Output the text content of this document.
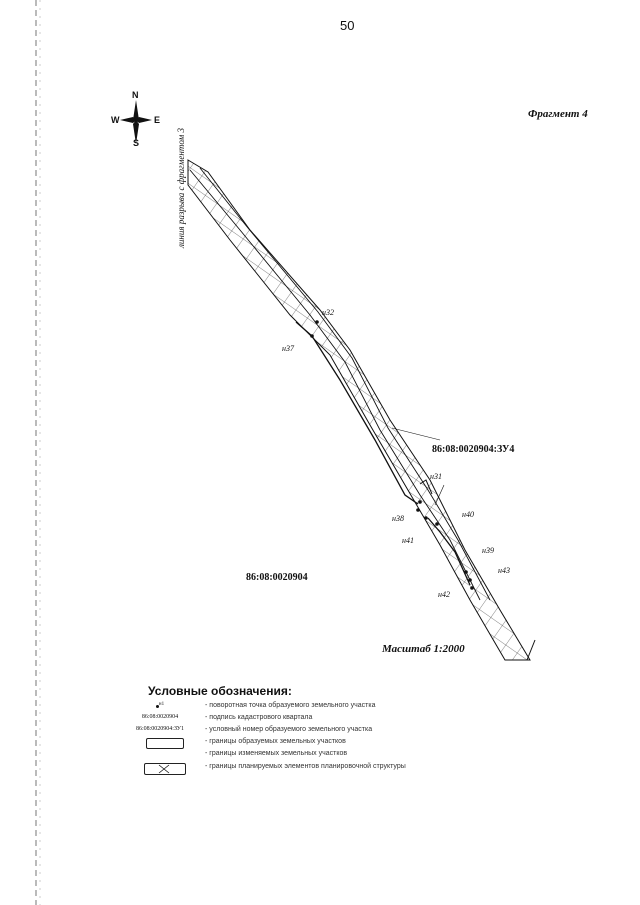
50
Фрагмент 4
N
S
E
W
линия разрыва с фрагментом 3
н32
н37
н31
н38	н40
н41
н39
н43
н42
86:08:0020904:ЗУ4
86:08:0020904
Масштаб 1:2000
Условные обозначения:
$^{н1}$	- поворотная точка образуемого земельного участка
86:08:0020904	- подпись кадастрового квартала
86:08:0020904:ЗУ1	- условный номер образуемого земельного участка
- границы образуемых земельных участков
- границы изменяемых земельных участков
- границы планируемых элементов планировочной структуры
